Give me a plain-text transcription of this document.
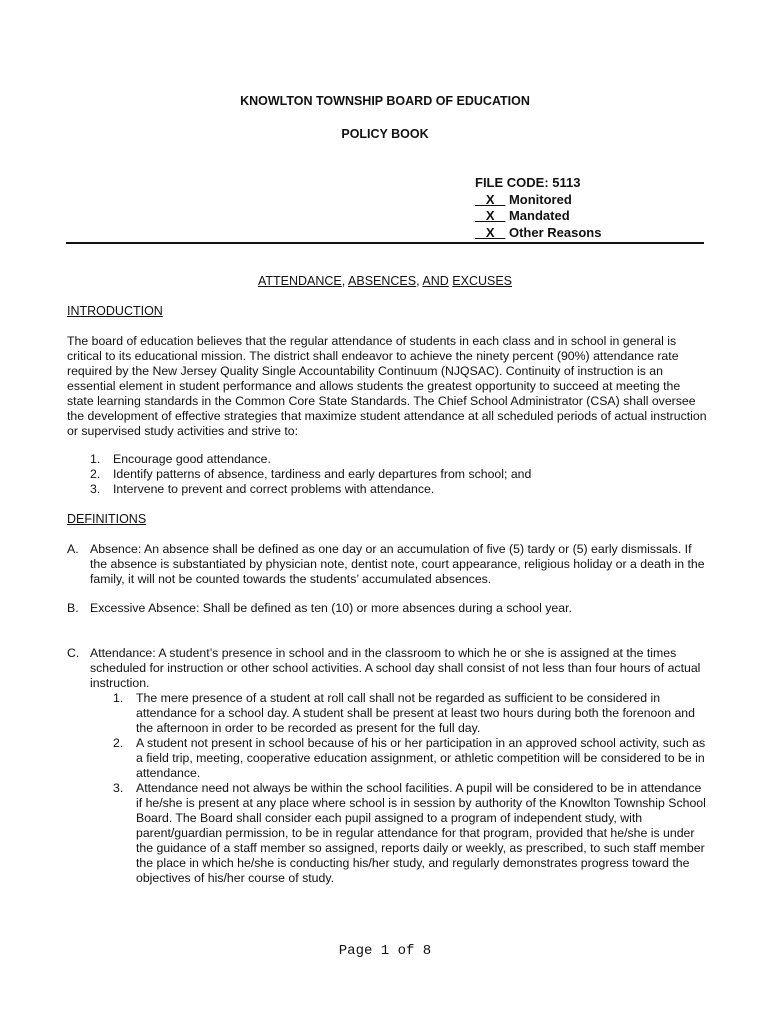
KNOWLTON TOWNSHIP BOARD OF EDUCATION
POLICY BOOK
FILE CODE: 5113
X    Monitored
X    Mandated
X    Other Reasons
ATTENDANCE, ABSENCES, AND EXCUSES
INTRODUCTION
The board of education believes that the regular attendance of students in each class and in school in general is critical to its educational mission. The district shall endeavor to achieve the ninety percent (90%) attendance rate required by the New Jersey Quality Single Accountability Continuum (NJQSAC). Continuity of instruction is an essential element in student performance and allows students the greatest opportunity to succeed at meeting the state learning standards in the Common Core State Standards. The Chief School Administrator (CSA) shall oversee the development of effective strategies that maximize student attendance at all scheduled periods of actual instruction or supervised study activities and strive to:
1.	Encourage good attendance.
2.	Identify patterns of absence, tardiness and early departures from school; and
3.	Intervene to prevent and correct problems with attendance.
DEFINITIONS
A. Absence: An absence shall be defined as one day or an accumulation of five (5) tardy or (5) early dismissals. If the absence is substantiated by physician note, dentist note, court appearance, religious holiday or a death in the family, it will not be counted towards the students’ accumulated absences.
B. Excessive Absence: Shall be defined as ten (10) or more absences during a school year.
C. Attendance: A student’s presence in school and in the classroom to which he or she is assigned at the times scheduled for instruction or other school activities. A school day shall consist of not less than four hours of actual instruction.
1.	The mere presence of a student at roll call shall not be regarded as sufficient to be considered in attendance for a school day. A student shall be present at least two hours during both the forenoon and the afternoon in order to be recorded as present for the full day.
2.	A student not present in school because of his or her participation in an approved school activity, such as a field trip, meeting, cooperative education assignment, or athletic competition will be considered to be in attendance.
3.	Attendance need not always be within the school facilities. A pupil will be considered to be in attendance if he/she is present at any place where school is in session by authority of the Knowlton Township School Board. The Board shall consider each pupil assigned to a program of independent study, with parent/guardian permission, to be in regular attendance for that program, provided that he/she is under the guidance of a staff member so assigned, reports daily or weekly, as prescribed, to such staff member the place in which he/she is conducting his/her study, and regularly demonstrates progress toward the objectives of his/her course of study.
Page 1 of 8
